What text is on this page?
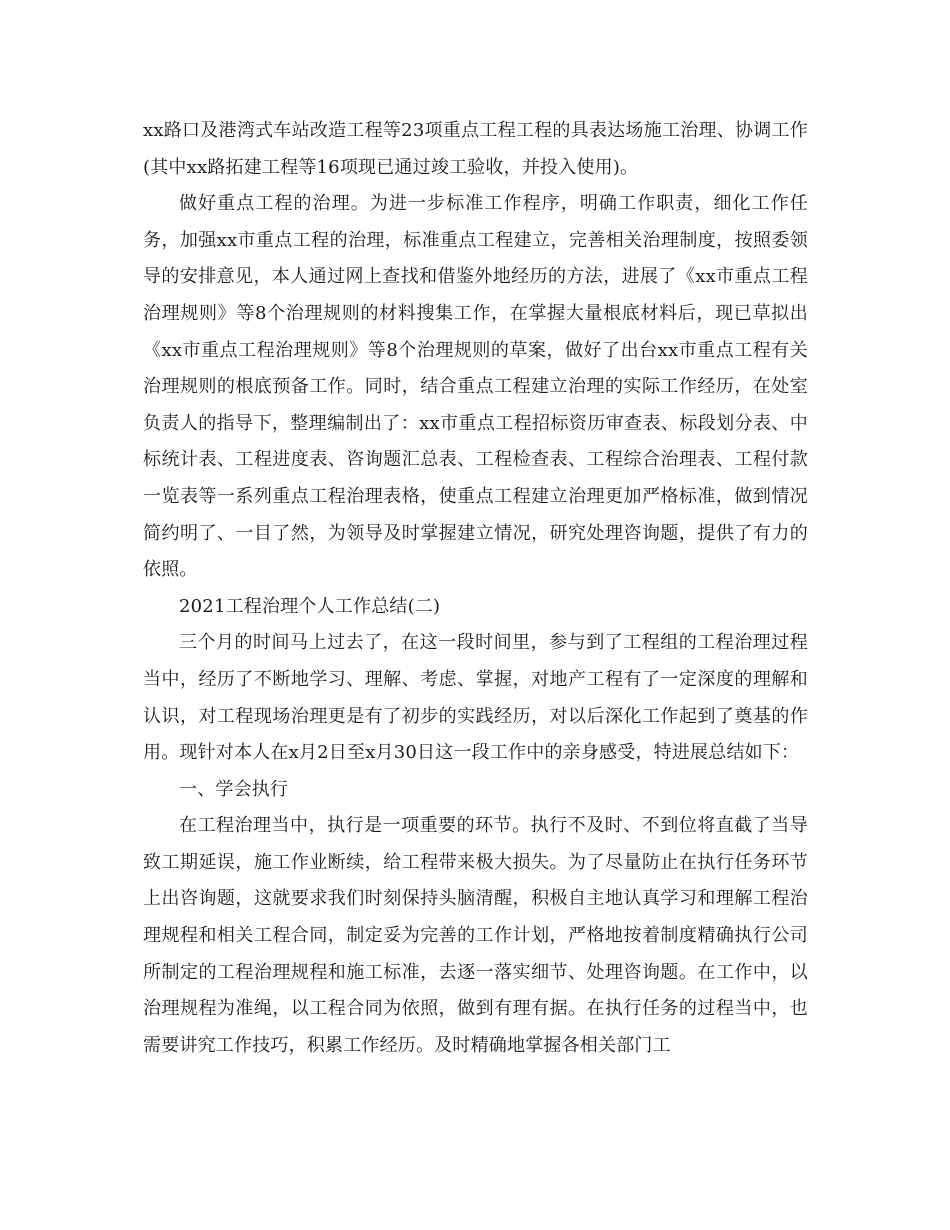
xx路口及港湾式车站改造工程等23项重点工程工程的具表达场施工治理、协调工作(其中xx路拓建工程等16项现已通过竣工验收，并投入使用)。

做好重点工程的治理。为进一步标准工作程序，明确工作职责，细化工作任务，加强xx市重点工程的治理，标准重点工程建立，完善相关治理制度，按照委领导的安排意见，本人通过网上查找和借鉴外地经历的方法，进展了《xx市重点工程治理规则》等8个治理规则的材料搜集工作，在掌握大量根底材料后，现已草拟出《xx市重点工程治理规则》等8个治理规则的草案，做好了出台xx市重点工程有关治理规则的根底预备工作。同时，结合重点工程建立治理的实际工作经历，在处室负责人的指导下，整理编制出了：xx市重点工程招标资历审查表、标段划分表、中标统计表、工程进度表、咨询题汇总表、工程检查表、工程综合治理表、工程付款一览表等一系列重点工程治理表格，使重点工程建立治理更加严格标准，做到情况简约明了、一目了然，为领导及时掌握建立情况，研究处理咨询题，提供了有力的依照。

2021工程治理个人工作总结(二)

三个月的时间马上过去了，在这一段时间里，参与到了工程组的工程治理过程当中，经历了不断地学习、理解、考虑、掌握，对地产工程有了一定深度的理解和认识，对工程现场治理更是有了初步的实践经历，对以后深化工作起到了奠基的作用。现针对本人在x月2日至x月30日这一段工作中的亲身感受，特进展总结如下：

一、学会执行

在工程治理当中，执行是一项重要的环节。执行不及时、不到位将直截了当导致工期延误，施工作业断续，给工程带来极大损失。为了尽量防止在执行任务环节上出咨询题，这就要求我们时刻保持头脑清醒，积极自主地认真学习和理解工程治理规程和相关工程合同，制定妥为完善的工作计划，严格地按着制度精确执行公司所制定的工程治理规程和施工标准，去逐一落实细节、处理咨询题。在工作中，以治理规程为准绳，以工程合同为依照，做到有理有据。在执行任务的过程当中，也需要讲究工作技巧，积累工作经历。及时精确地掌握各相关部门工
